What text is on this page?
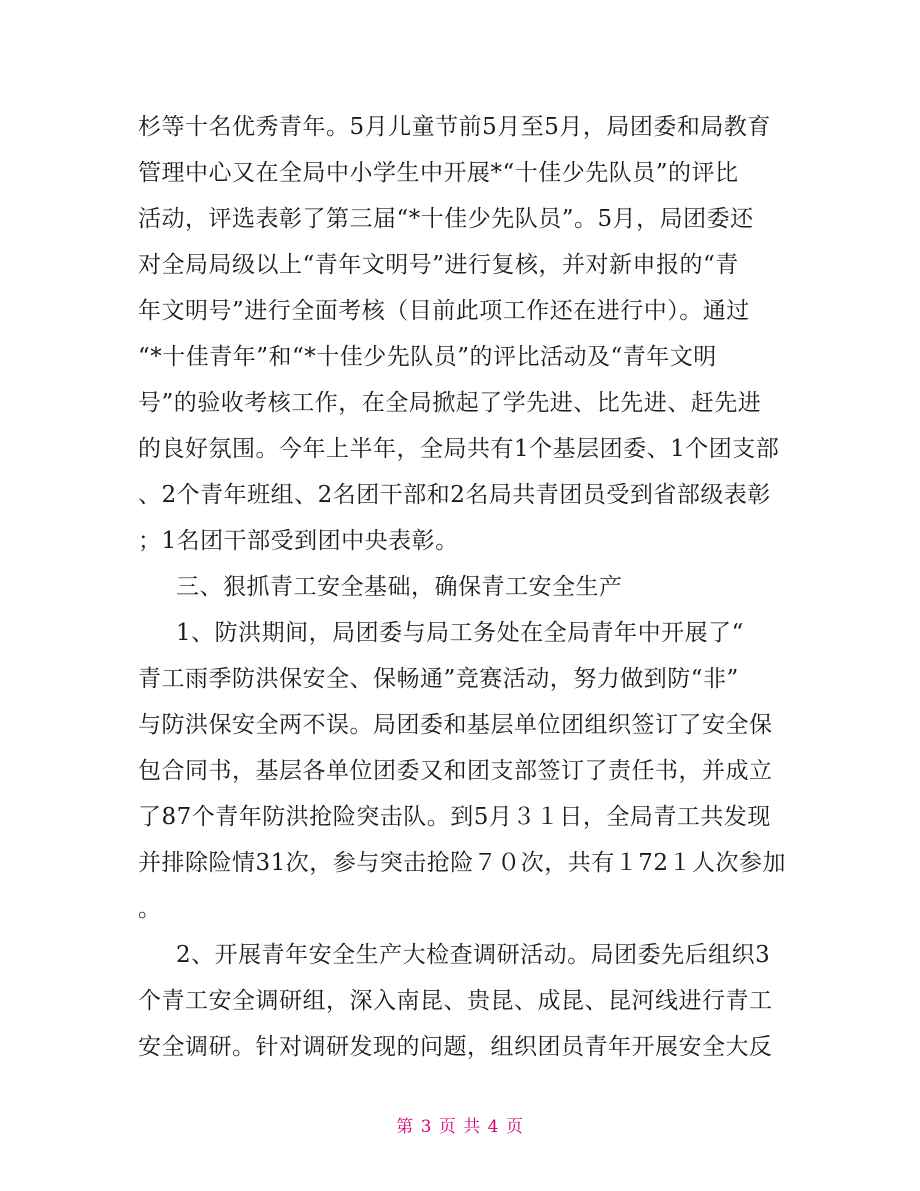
杉等十名优秀青年。5月儿童节前5月至5月，局团委和局教育
管理中心又在全局中小学生中开展*“十佳少先队员”的评比
活动，评选表彰了第三届“*十佳少先队员”。5月，局团委还
对全局局级以上“青年文明号”进行复核，并对新申报的“青
年文明号”进行全面考核（目前此项工作还在进行中）。通过
“*十佳青年”和“*十佳少先队员”的评比活动及“青年文明
号”的验收考核工作，在全局掀起了学先进、比先进、赶先进
的良好氛围。今年上半年，全局共有1个基层团委、1个团支部
、2个青年班组、2名团干部和2名局共青团员受到省部级表彰
；1名团干部受到团中央表彰。
三、狠抓青工安全基础，确保青工安全生产
1、防洪期间，局团委与局工务处在全局青年中开展了“
青工雨季防洪保安全、保畅通”竞赛活动，努力做到防“非”
与防洪保安全两不误。局团委和基层单位团组织签订了安全保
包合同书，基层各单位团委又和团支部签订了责任书，并成立
了87个青年防洪抢险突击队。到5月３１日，全局青工共发现
并排除险情31次，参与突击抢险７０次，共有１72１人次参加
。
2、开展青年安全生产大检查调研活动。局团委先后组织3
个青工安全调研组，深入南昆、贵昆、成昆、昆河线进行青工
安全调研。针对调研发现的问题，组织团员青年开展安全大反
第 3 页 共 4 页
